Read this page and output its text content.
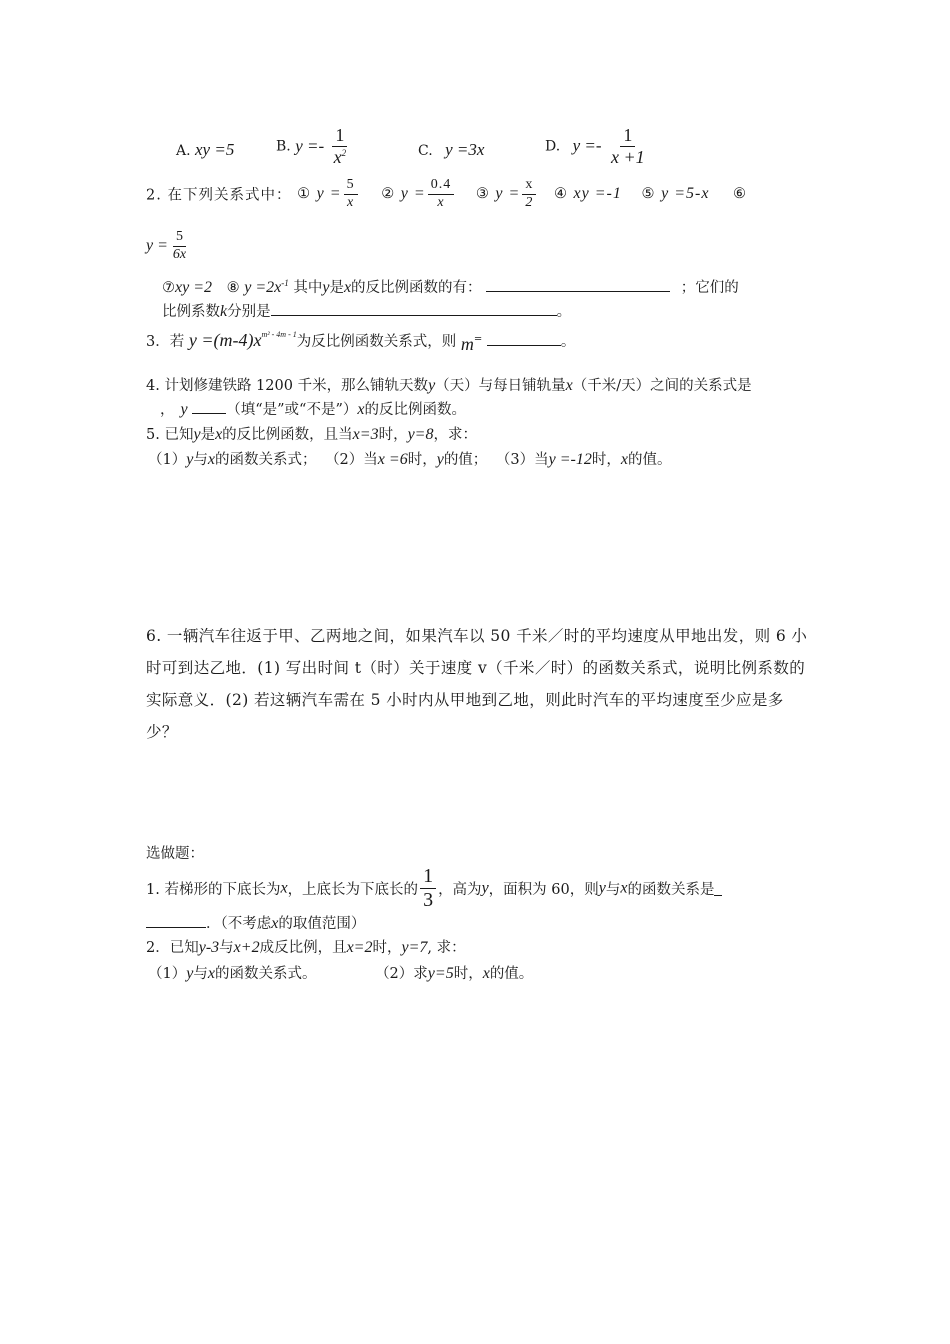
A. xy =5	B. $y =- \frac{1}{x^2}$	C. y =3x	D. $y =- \frac{1}{x +1}$
2. 在下列关系式中： ① $y = \frac{5}{x}$ ② $y = \frac{0.4}{x}$ ③ $y = \frac{x}{2}$ ④ xy =-1 ⑤ y =5-x ⑥
$y = \frac{5}{6x}$
⑦xy =2 ⑧ $y =2x^{-1}$ 其中y是x的反比例函数的有：	；它们的
比例系数k分别是	。
3．若 $y =(m-4)x^{m^2 - 4m - 1}$为反比例函数关系式，则 m=	。
4. 计划修建铁路 1200 千米，那么铺轨天数y（天）与每日铺轨量x（千米/天）之间的关系式是
， y	（填“是”或“不是”）x的反比例函数。
5. 已知y是x的反比例函数，且当x=3时，y=8，求：
（1）y与x的函数关系式； （2）当x =6时，y的值； （3）当y =-12时，x的值。
6. 一辆汽车往返于甲、乙两地之间，如果汽车以 50 千米／时的平均速度从甲地出发，则 6 小
时可到达乙地．(1) 写出时间 t（时）关于速度 v（千米／时）的函数关系式，说明比例系数的
实际意义．(2) 若这辆汽车需在 5 小时内从甲地到乙地，则此时汽车的平均速度至少应是多
少？
选做题：
1. 若梯形的下底长为x，上底长为下底长的 $\frac{1}{3}$ ，高为y，面积为 60，则y与x的函数关系是
．（不考虑x的取值范围）
2．已知y-3与x+2成反比例，且x=2时，y=7, 求：
（1）y与x的函数关系式。	（2）求y=5时，x的值。
